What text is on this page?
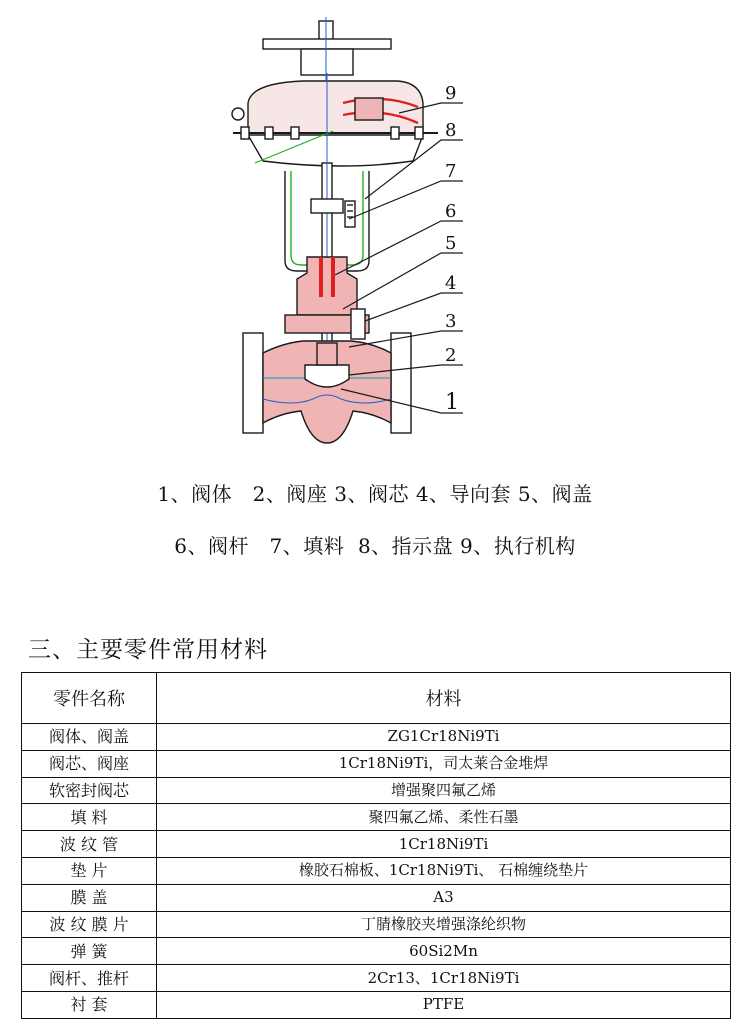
9
8
7
6
5
4
3
2
1
1、阀体   2、阀座 3、阀芯 4、导向套 5、阀盖
6、阀杆   7、填料  8、指示盘 9、执行机构
三、主要零件常用材料
零件名称	材料
阀体、阀盖	ZG1Cr18Ni9Ti
阀芯、阀座	1Cr18Ni9Ti，司太莱合金堆焊
软密封阀芯	增强聚四氟乙烯
填 料	聚四氟乙烯、柔性石墨
波 纹 管	1Cr18Ni9Ti
垫 片	橡胶石棉板、1Cr18Ni9Ti、 石棉缠绕垫片
膜 盖	A3
波 纹 膜 片	丁腈橡胶夹增强涤纶织物
弹 簧	60Si2Mn
阀杆、推杆	2Cr13、1Cr18Ni9Ti
衬 套	PTFE
